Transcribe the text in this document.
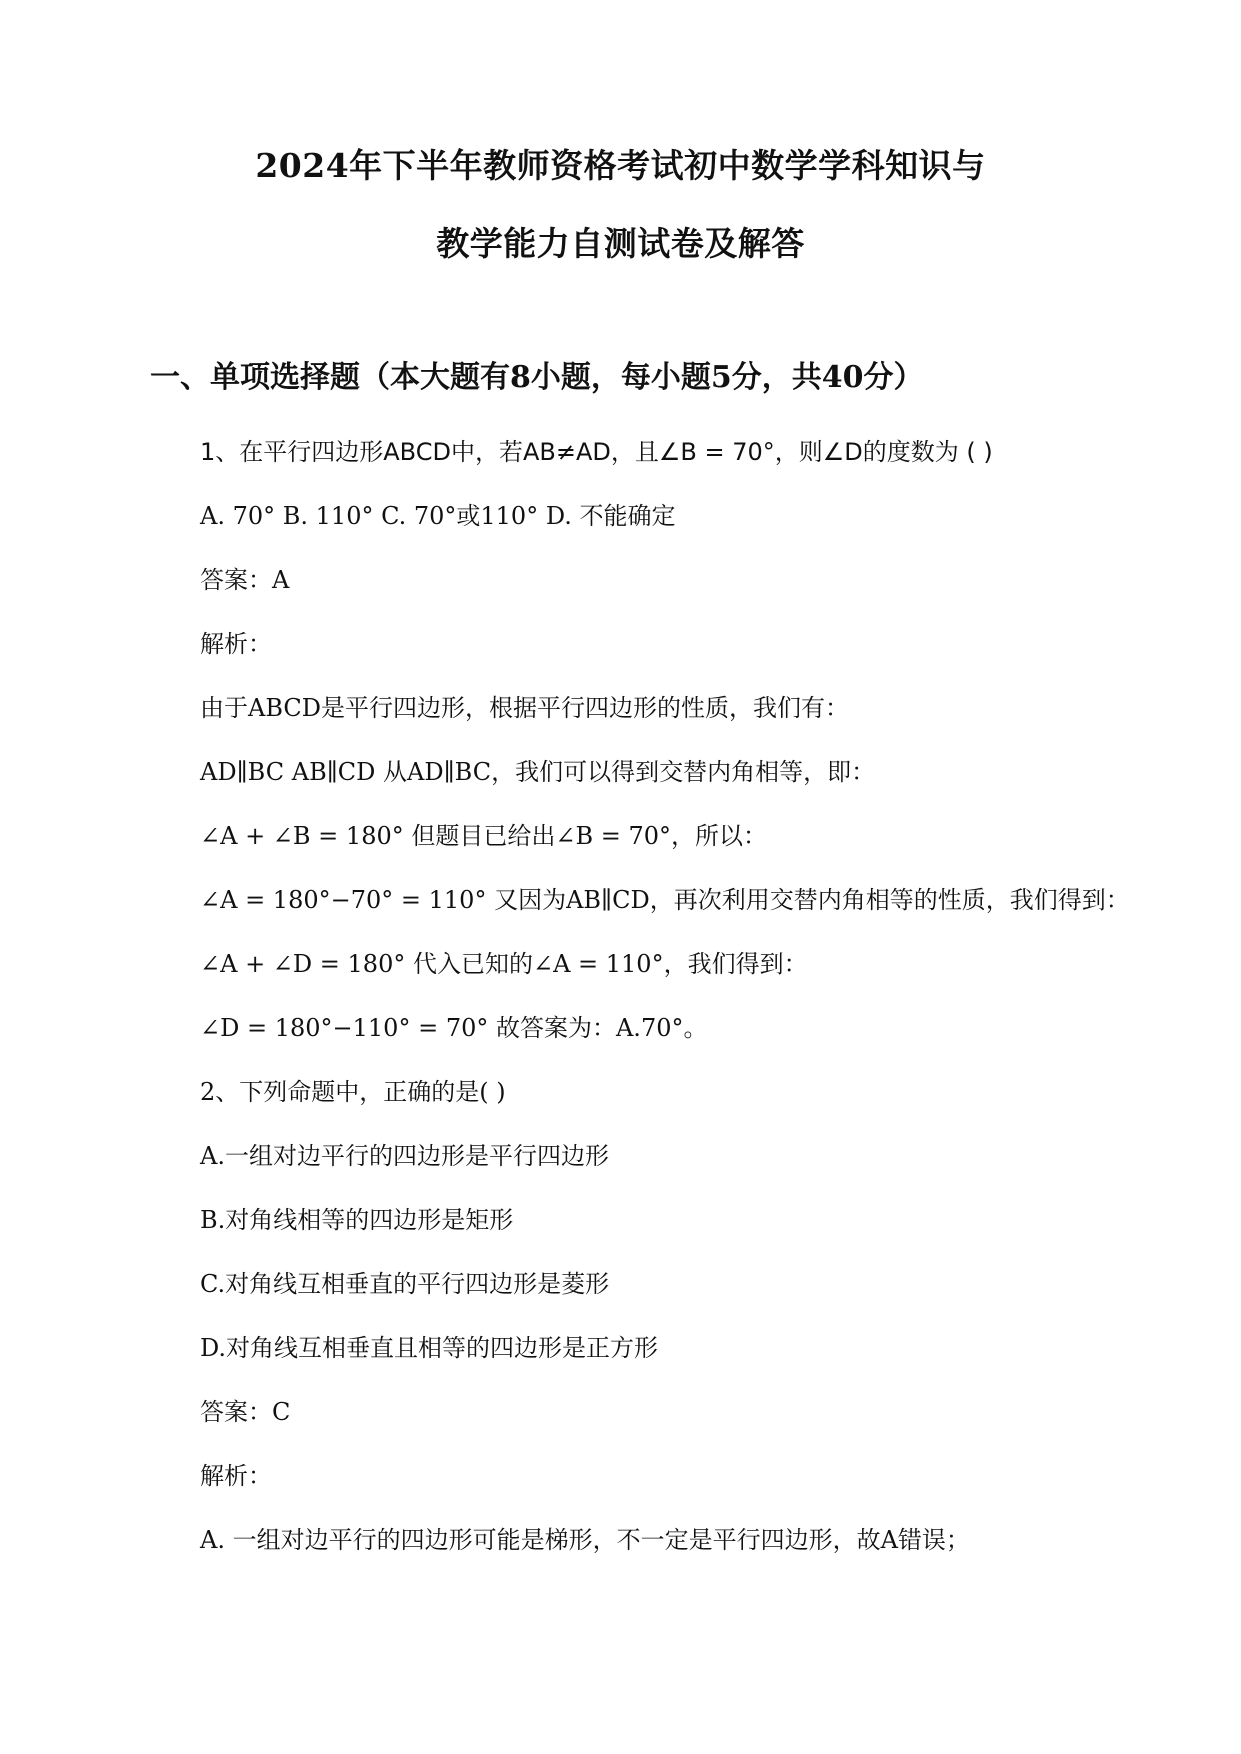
2024年下半年教师资格考试初中数学学科知识与
教学能力自测试卷及解答
一、单项选择题（本大题有8小题，每小题5分，共40分）
1、在平行四边形ABCD中，若AB≠AD，且∠B = 70°，则∠D的度数为 ( )
A. 70° B. 110° C. 70°或110° D. 不能确定
答案：A
解析：
由于ABCD是平行四边形，根据平行四边形的性质，我们有：
AD∥BC AB∥CD 从AD∥BC，我们可以得到交替内角相等，即：
∠A + ∠B = 180° 但题目已给出∠B = 70°，所以：
∠A = 180°−70° = 110° 又因为AB∥CD，再次利用交替内角相等的性质，我们得到：
∠A + ∠D = 180° 代入已知的∠A = 110°，我们得到：
∠D = 180°−110° = 70° 故答案为：A.70°。
2、下列命题中，正确的是( )
A.一组对边平行的四边形是平行四边形
B.对角线相等的四边形是矩形
C.对角线互相垂直的平行四边形是菱形
D.对角线互相垂直且相等的四边形是正方形
答案：C
解析：
A. 一组对边平行的四边形可能是梯形，不一定是平行四边形，故A错误；
